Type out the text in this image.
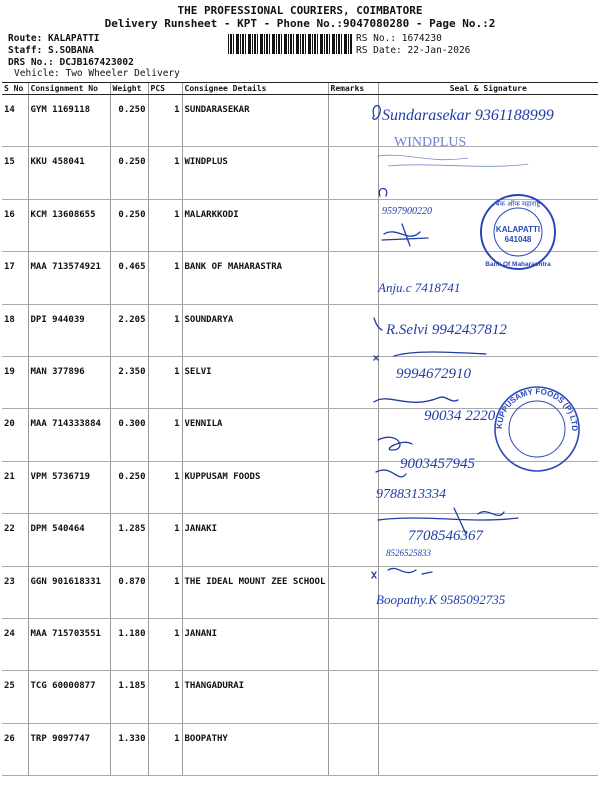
THE PROFESSIONAL COURIERS, COIMBATORE
Delivery Runsheet - KPT - Phone No.:9047080280 - Page No.:2
Route: KALAPATTI
Staff: S.SOBANA
DRS No.: DCJB167423002
Vehicle: Two Wheeler Delivery
RS No.: 1674230
RS Date: 22-Jan-2026
S No	Consignment No	Weight	PCS	Consignee Details	Remarks	Seal & Signature
14	GYM 1169118	0.250	1	SUNDARASEKAR		
15	KKU 458041	0.250	1	WINDPLUS		
16	KCM 13608655	0.250	1	MALARKKODI		
17	MAA 713574921	0.465	1	BANK OF MAHARASTRA		
18	DPI 944039	2.205	1	SOUNDARYA		
19	MAN 377896	2.350	1	SELVI		
20	MAA 714333884	0.300	1	VENNILA		
21	VPM 5736719	0.250	1	KUPPUSAM FOODS		
22	DPM 540464	1.285	1	JANAKI		
23	GGN 901618331	0.870	1	THE IDEAL MOUNT ZEE SCHOOL		
24	MAA 715703551	1.180	1	JANANI		
25	TCG 60000877	1.185	1	THANGADURAI		
26	TRP 9097747	1.330	1	BOOPATHY		
Sundarasekar 9361188999
WINDPLUS
9597900220
Anju.c 7418741
R.Selvi 9942437812
9994672910
90034 2220
9003457945
9788313334
7708546367
8526525833
Boopathy.K 9585092735
बैंक ऑफ महाराष्ट्र
KALAPATTI
641048
Bank Of Maharashtra
KUPPUSAMY FOODS (P) LTD
